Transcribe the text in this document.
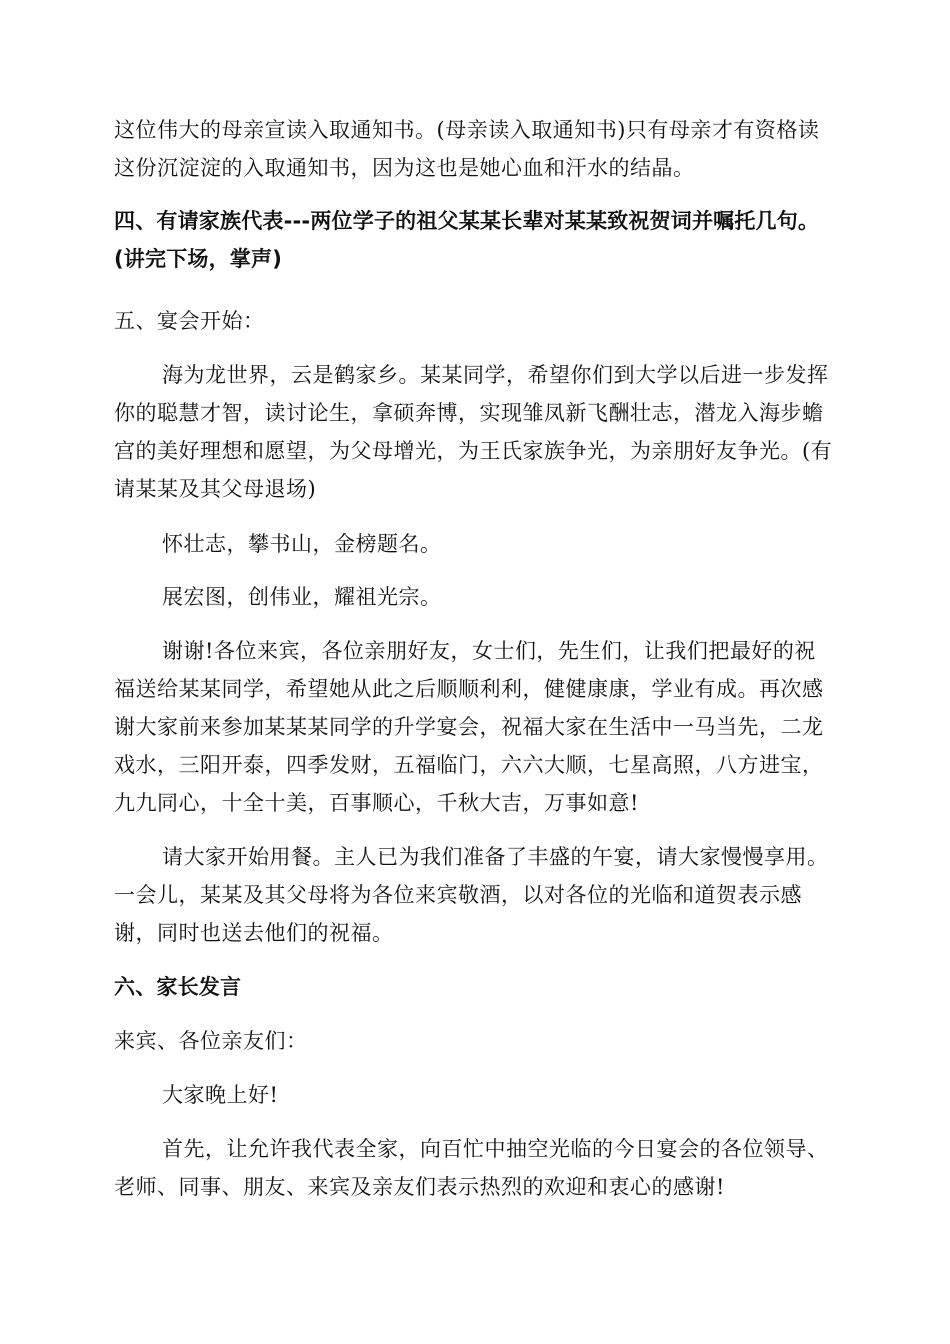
这位伟大的母亲宣读入取通知书。(母亲读入取通知书)只有母亲才有资格读这份沉淀淀的入取通知书，因为这也是她心血和汗水的结晶。

四、有请家族代表---两位学子的祖父某某长辈对某某致祝贺词并嘱托几句。(讲完下场，掌声)

五、宴会开始：

海为龙世界，云是鹤家乡。某某同学，希望你们到大学以后进一步发挥你的聪慧才智，读讨论生，拿硕奔博，实现雏凤新飞酬壮志，潜龙入海步蟾宫的美好理想和愿望，为父母增光，为王氏家族争光，为亲朋好友争光。(有请某某及其父母退场)

怀壮志，攀书山，金榜题名。

展宏图，创伟业，耀祖光宗。

谢谢!各位来宾，各位亲朋好友，女士们，先生们，让我们把最好的祝福送给某某同学，希望她从此之后顺顺利利，健健康康，学业有成。再次感谢大家前来参加某某某同学的升学宴会，祝福大家在生活中一马当先，二龙戏水，三阳开泰，四季发财，五福临门，六六大顺，七星高照，八方进宝，九九同心，十全十美，百事顺心，千秋大吉，万事如意!

请大家开始用餐。主人已为我们准备了丰盛的午宴，请大家慢慢享用。一会儿，某某及其父母将为各位来宾敬酒，以对各位的光临和道贺表示感谢，同时也送去他们的祝福。

六、家长发言

来宾、各位亲友们：

大家晚上好!

首先，让允许我代表全家，向百忙中抽空光临的今日宴会的各位领导、老师、同事、朋友、来宾及亲友们表示热烈的欢迎和衷心的感谢!
